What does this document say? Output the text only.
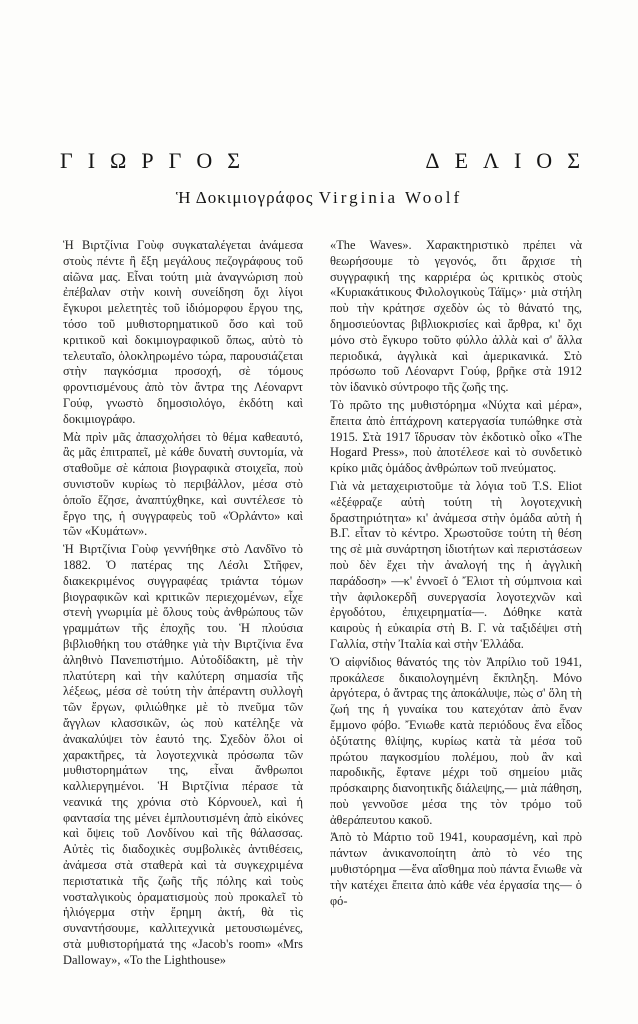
Γ Ι Ω Ρ Γ Ο Σ	Δ Ε Λ Ι Ο Σ
Ἡ Δοκιμιογράφος Virginia Woolf

Ἡ Βιρτζίνια Γοὺφ συγκαταλέγεται ἀνάμεσα στοὺς πέντε ἢ ἔξη μεγάλους πεζογράφους τοῦ αἰῶνα μας. Εἶναι τούτη μιὰ ἀναγνώριση ποὺ ἐπέβαλαν στὴν κοινὴ συνείδηση ὄχι λίγοι ἔγκυροι μελετητὲς τοῦ ἰδιόμορφου ἔργου της, τόσο τοῦ μυθιστορηματικοῦ ὅσο καὶ τοῦ κριτικοῦ καὶ δοκιμιογραφικοῦ ὅπως, αὐτὸ τὸ τελευταῖο, ὁλοκληρωμένο τώρα, παρουσιάζεται στὴν παγκόσμια προσοχή, σὲ τόμους φροντισμένους ἀπὸ τὸν ἄντρα της Λέοναρντ Γούφ, γνωστὸ δημοσιολόγο, ἐκδότη καὶ δοκιμιογράφο.

Μὰ πρὶν μᾶς ἀπασχολήσει τὸ θέμα καθεαυτό, ἂς μᾶς ἐπιτραπεῖ, μὲ κάθε δυνατὴ συντομία, νὰ σταθοῦμε σὲ κάποια βιογραφικὰ στοιχεῖα, ποὺ συνιστοῦν κυρίως τὸ περιβάλλον, μέσα στὸ ὁποῖο ἔζησε, ἀναπτύχθηκε, καὶ συντέλεσε τὸ ἔργο της, ἡ συγγραφεὺς τοῦ «Ὀρλάντο» καὶ τῶν «Κυμάτων».

Ἡ Βιρτζίνια Γοὺφ γεννήθηκε στὸ Λανδῖνο τὸ 1882. Ὁ πατέρας της Λέσλι Στῆφεν, διακεκριμένος συγγραφέας τριάντα τόμων βιογραφικῶν καὶ κριτικῶν περιεχομένων, εἶχε στενὴ γνωριμία μὲ ὅλους τοὺς ἀνθρώπους τῶν γραμμάτων τῆς ἐποχῆς του. Ἡ πλούσια βιβλιοθήκη του στάθηκε γιὰ τὴν Βιρτζίνια ἕνα ἀληθινὸ Πανεπιστήμιο. Αὐτοδίδακτη, μὲ τὴν πλατύτερη καὶ τὴν καλύτερη σημασία τῆς λέξεως, μέσα σὲ τούτη τὴν ἀπέραντη συλλογὴ τῶν ἔργων, φιλιώθηκε μὲ τὸ πνεῦμα τῶν ἄγγλων κλασσικῶν, ὡς ποὺ κατέληξε νὰ ἀνακαλύψει τὸν ἑαυτό της. Σχεδὸν ὅλοι οἱ χαρακτῆρες, τὰ λογοτεχνικὰ πρόσωπα τῶν μυθιστορημάτων της, εἶναι ἄνθρωποι καλλιεργημένοι. Ἡ Βιρτζίνια πέρασε τὰ νεανικά της χρόνια στὸ Κόρνουελ, καὶ ἡ φαντασία της μένει ἐμπλουτισμένη ἀπὸ εἰκόνες καὶ ὄψεις τοῦ Λονδίνου καὶ τῆς θάλασσας. Αὐτὲς τὶς διαδοχικὲς συμβολικὲς ἀντιθέσεις, ἀνάμεσα στὰ σταθερὰ καὶ τὰ συγκεχριμένα περιστατικὰ τῆς ζωῆς τῆς πόλης καὶ τοὺς νοσταλγικοὺς ὁραματισμοὺς ποὺ προκαλεῖ τὸ ἡλιόγερμα στὴν ἔρημη ἀκτή, θὰ τὶς συναντήσουμε, καλλιτεχνικὰ μετουσιωμένες, στὰ μυθιστορήματά της «Jacob's room» «Mrs Dalloway», «To the Lighthouse»

«The Waves». Χαρακτηριστικὸ πρέπει νὰ θεωρήσουμε τὸ γεγονός, ὅτι ἄρχισε τὴ συγγραφική της καρριέρα ὡς κριτικὸς στοὺς «Κυριακάτικους Φιλολογικοὺς Τάϊμς»· μιὰ στήλη ποὺ τὴν κράτησε σχεδὸν ὡς τὸ θάνατό της, δημοσιεύοντας βιβλιοκρισίες καὶ ἄρθρα, κι' ὄχι μόνο στὸ ἔγκυρο τοῦτο φύλλο ἀλλὰ καὶ σ' ἄλλα περιοδικά, ἀγγλικὰ καὶ ἀμερικανικά. Στὸ πρόσωπο τοῦ Λέοναρντ Γούφ, βρῆκε στὰ 1912 τὸν ἰδανικὸ σύντροφο τῆς ζωῆς της.

Τὸ πρῶτο της μυθιστόρημα «Νύχτα καὶ μέρα», ἔπειτα ἀπὸ ἑπτάχρονη κατεργασία τυπώθηκε στὰ 1915. Στὰ 1917 ἵδρυσαν τὸν ἐκδοτικὸ οἶκο «The Hogard Press», ποὺ ἀποτέλεσε καὶ τὸ συνδετικὸ κρίκο μιᾶς ὁμάδος ἀνθρώπων τοῦ πνεύματος.

Γιὰ νὰ μεταχειριστοῦμε τὰ λόγια τοῦ T.S. Eliot «ἐξέφραζε αὐτὴ τούτη τὴ λογοτεχνικὴ δραστηριότητα» κι' ἀνάμεσα στὴν ὁμάδα αὐτὴ ἡ Β.Γ. εἶταν τὸ κέντρο. Χρωστοῦσε τούτη τὴ θέση της σὲ μιὰ συνάρτηση ἰδιοτήτων καὶ περιστάσεων ποὺ δὲν ἔχει τὴν ἀναλογή της ἡ ἀγγλικὴ παράδοση» —κ' ἐννοεῖ ὁ Ἔλιοτ τὴ σύμπνοια καὶ τὴν ἀφιλοκερδῆ συνεργασία λογοτεχνῶν καὶ ἐργοδότου, ἐπιχειρηματία—. Δόθηκε κατὰ καιροὺς ἡ εὐκαιρία στὴ Β. Γ. νὰ ταξιδέψει στὴ Γαλλία, στὴν Ἰταλία καὶ στὴν Ἑλλάδα.

Ὁ αἰφνίδιος θάνατός της τὸν Ἀπρίλιο τοῦ 1941, προκάλεσε δικαιολογημένη ἔκπληξη. Μόνο ἀργότερα, ὁ ἄντρας της ἀποκάλυψε, πὼς σ' ὅλη τὴ ζωή της ἡ γυναίκα του κατεχόταν ἀπὸ ἕναν ἔμμονο φόβο. Ἔνιωθε κατὰ περιόδους ἕνα εἶδος ὀξύτατης θλίψης, κυρίως κατὰ τὰ μέσα τοῦ πρώτου παγκοσμίου πολέμου, ποὺ ἂν καὶ παροδικῆς, ἔφτανε μέχρι τοῦ σημείου μιᾶς πρόσκαιρης διανοητικῆς διάλεψης,— μιὰ πάθηση, ποὺ γεννοῦσε μέσα της τὸν τρόμο τοῦ ἀθεράπευτου κακοῦ.

Ἀπὸ τὸ Μάρτιο τοῦ 1941, κουρασμένη, καὶ πρὸ πάντων ἀνικανοποίητη ἀπὸ τὸ νέο της μυθιστόρημα —ἕνα αἴσθημα ποὺ πάντα ἔνιωθε νὰ τὴν κατέχει ἔπειτα ἀπὸ κάθε νέα ἐργασία της— ὁ φό-
